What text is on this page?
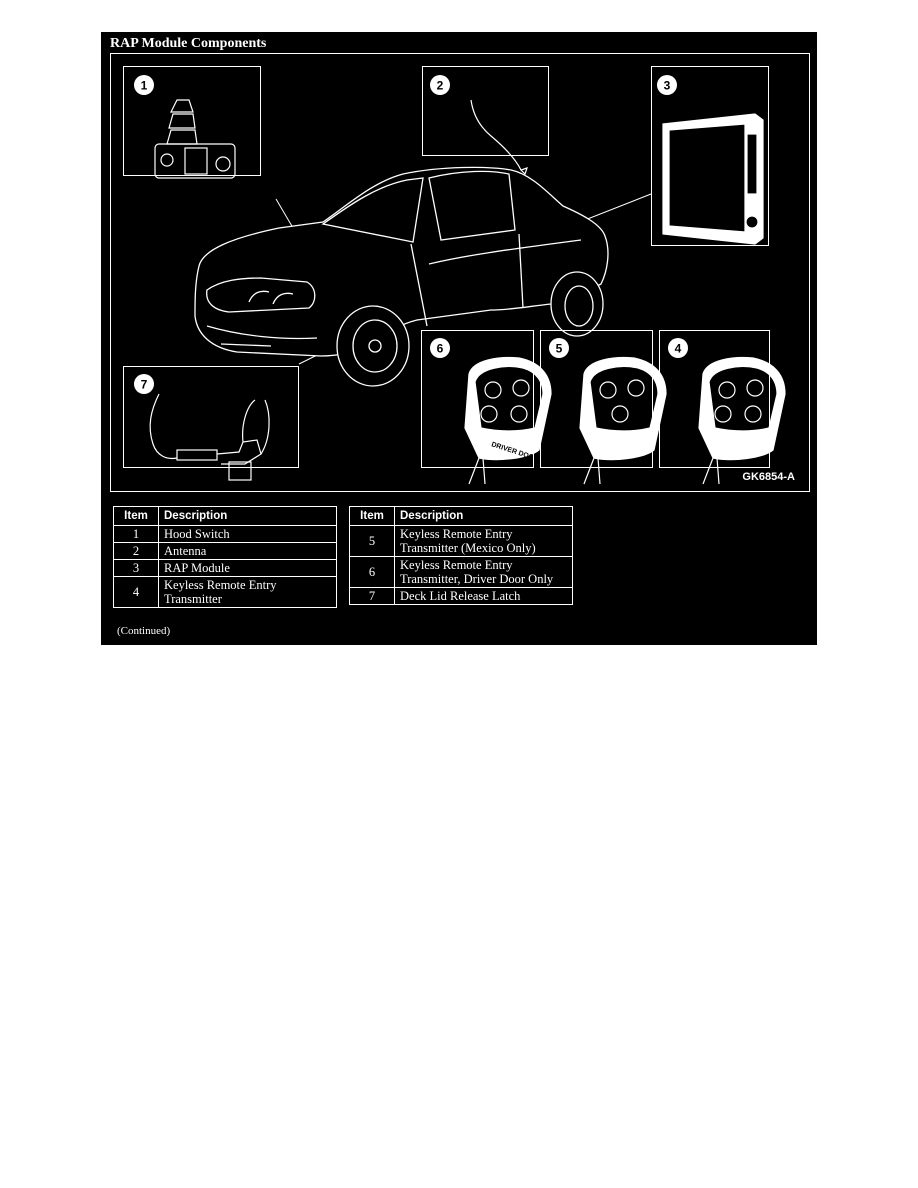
RAP Module Components
DRIVER DOOR ONLY
1	2	3
4
5
6
7
GK6854-A
Item	Description
1	Hood Switch
2	Antenna
3	RAP Module
4	Keyless Remote Entry Transmitter
Item	Description
5	Keyless Remote Entry Transmitter (Mexico Only)
6	Keyless Remote Entry Transmitter, Driver Door Only
7	Deck Lid Release Latch
(Continued)
